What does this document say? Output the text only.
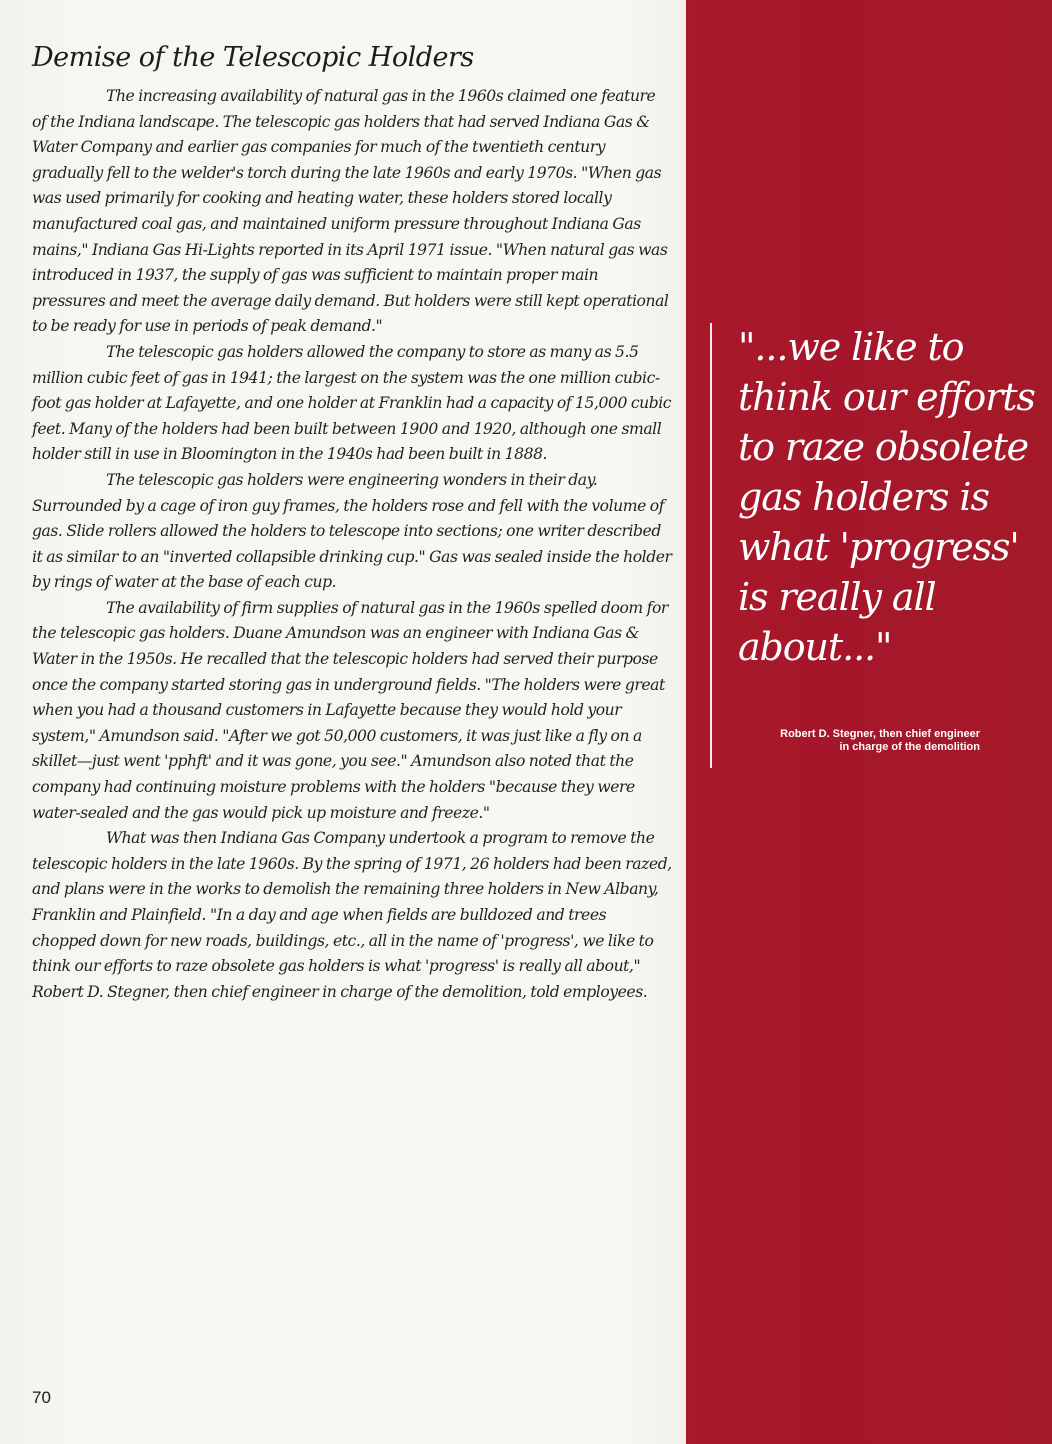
Demise of the Telescopic Holders

The increasing availability of natural gas in the 1960s claimed one feature of the Indiana landscape. The telescopic gas holders that had served Indiana Gas & Water Company and earlier gas companies for much of the twentieth century gradually fell to the welder's torch during the late 1960s and early 1970s. "When gas was used primarily for cooking and heating water, these holders stored locally manufactured coal gas, and maintained uniform pressure throughout Indiana Gas mains," Indiana Gas Hi-Lights reported in its April 1971 issue. "When natural gas was introduced in 1937, the supply of gas was sufficient to maintain proper main pressures and meet the average daily demand. But holders were still kept operational to be ready for use in periods of peak demand."

The telescopic gas holders allowed the company to store as many as 5.5 million cubic feet of gas in 1941; the largest on the system was the one million cubic-foot gas holder at Lafayette, and one holder at Franklin had a capacity of 15,000 cubic feet. Many of the holders had been built between 1900 and 1920, although one small holder still in use in Bloomington in the 1940s had been built in 1888.

The telescopic gas holders were engineering wonders in their day. Surrounded by a cage of iron guy frames, the holders rose and fell with the volume of gas. Slide rollers allowed the holders to telescope into sections; one writer described it as similar to an "inverted collapsible drinking cup." Gas was sealed inside the holder by rings of water at the base of each cup.

The availability of firm supplies of natural gas in the 1960s spelled doom for the telescopic gas holders. Duane Amundson was an engineer with Indiana Gas & Water in the 1950s. He recalled that the telescopic holders had served their purpose once the company started storing gas in underground fields. "The holders were great when you had a thousand customers in Lafayette because they would hold your system," Amundson said. "After we got 50,000 customers, it was just like a fly on a skillet—just went 'pphft' and it was gone, you see." Amundson also noted that the company had continuing moisture problems with the holders "because they were water-sealed and the gas would pick up moisture and freeze."

What was then Indiana Gas Company undertook a program to remove the telescopic holders in the late 1960s. By the spring of 1971, 26 holders had been razed, and plans were in the works to demolish the remaining three holders in New Albany, Franklin and Plainfield. "In a day and age when fields are bulldozed and trees chopped down for new roads, buildings, etc., all in the name of 'progress', we like to think our efforts to raze obsolete gas holders is what 'progress' is really all about," Robert D. Stegner, then chief engineer in charge of the demolition, told employees.

"...we like to think our efforts to raze obsolete gas holders is what 'progress' is really all about..."

Robert D. Stegner, then chief engineer in charge of the demolition
70
